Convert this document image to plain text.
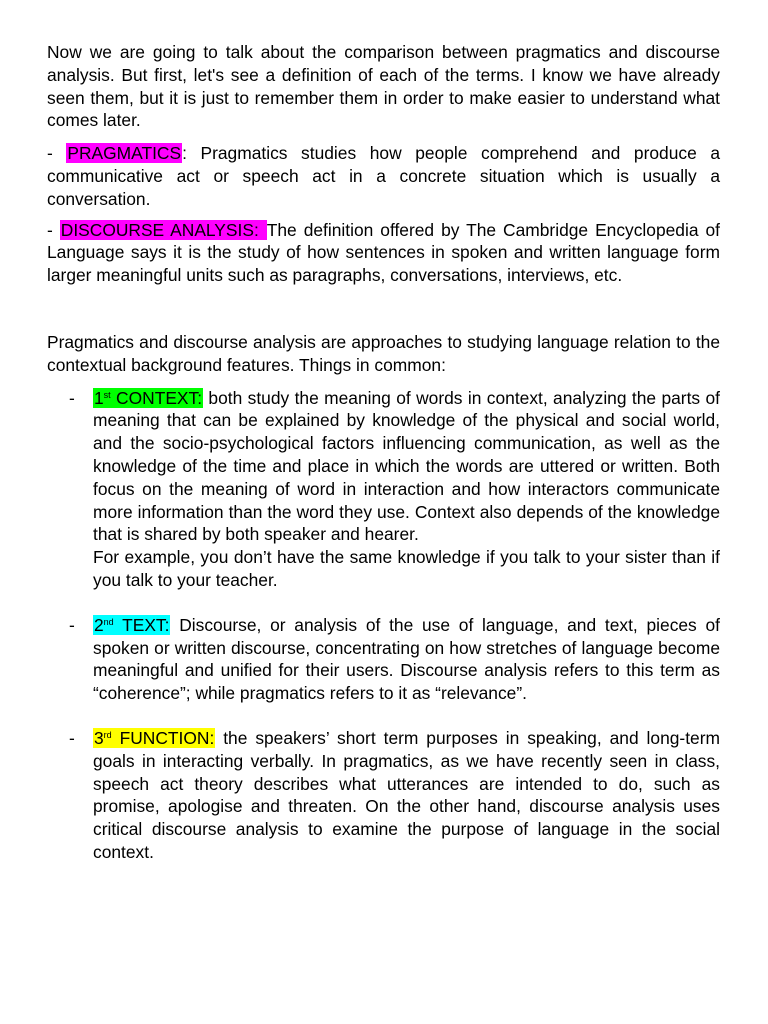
Now we are going to talk about the comparison between pragmatics and discourse analysis. But first, let's see a definition of each of the terms. I know we have already seen them, but it is just to remember them in order to make easier to understand what comes later.

- PRAGMATICS: Pragmatics studies how people comprehend and produce a communicative act or speech act in a concrete situation which is usually a conversation.

- DISCOURSE ANALYSIS: The definition offered by The Cambridge Encyclopedia of Language says it is the study of how sentences in spoken and written language form larger meaningful units such as paragraphs, conversations, interviews, etc.

Pragmatics and discourse analysis are approaches to studying language relation to the contextual background features. Things in common:

- 1st CONTEXT: both study the meaning of words in context, analyzing the parts of meaning that can be explained by knowledge of the physical and social world, and the socio-psychological factors influencing communication, as well as the knowledge of the time and place in which the words are uttered or written. Both focus on the meaning of word in interaction and how interactors communicate more information than the word they use. Context also depends of the knowledge that is shared by both speaker and hearer.

For example, you don’t have the same knowledge if you talk to your sister than if you talk to your teacher.

- 2nd TEXT: Discourse, or analysis of the use of language, and text, pieces of spoken or written discourse, concentrating on how stretches of language become meaningful and unified for their users. Discourse analysis refers to this term as “coherence”; while pragmatics refers to it as “relevance”.

- 3rd FUNCTION: the speakers’ short term purposes in speaking, and long-term goals in interacting verbally. In pragmatics, as we have recently seen in class, speech act theory describes what utterances are intended to do, such as promise, apologise and threaten. On the other hand, discourse analysis uses critical discourse analysis to examine the purpose of language in the social context.
